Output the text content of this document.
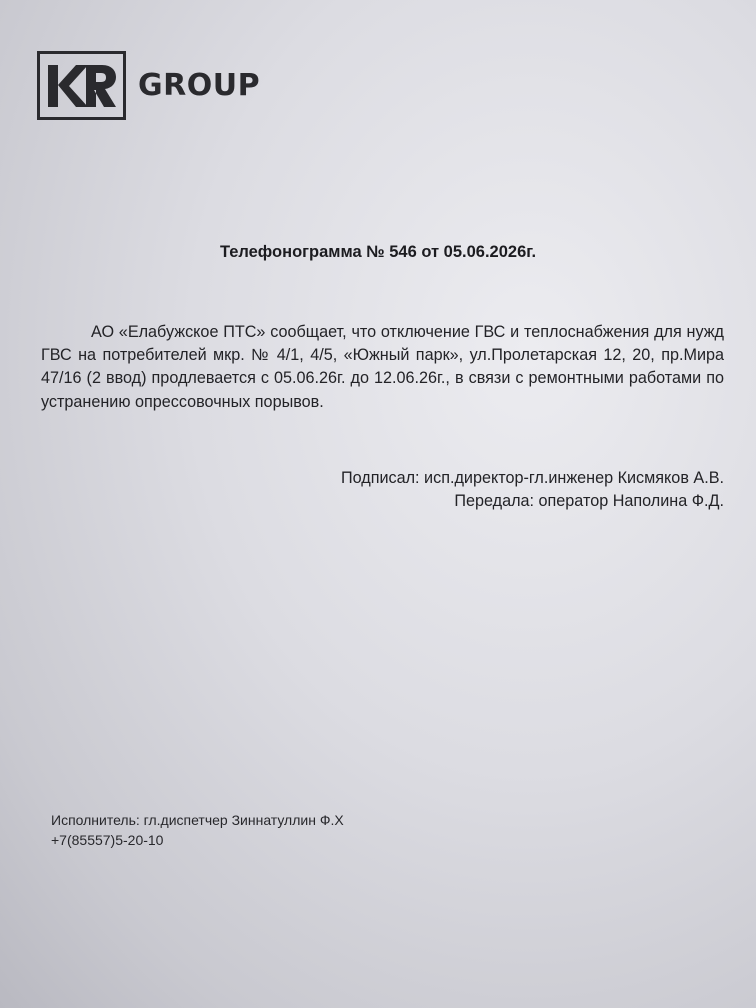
GROUP
Телефонограмма № 546 от 05.06.2026г.

АО «Елабужское ПТС» сообщает, что отключение ГВС и теплоснабжения для нужд ГВС на потребителей мкр. № 4/1, 4/5, «Южный парк», ул.Пролетарская 12, 20, пр.Мира 47/16 (2 ввод) продлевается с 05.06.26г. до 12.06.26г., в связи с ремонтными работами по устранению опрессовочных порывов.

Подписал: исп.директор-гл.инженер Кисмяков А.В.
Передала: оператор Наполина Ф.Д.
Исполнитель: гл.диспетчер Зиннатуллин Ф.Х
+7(85557)5-20-10
